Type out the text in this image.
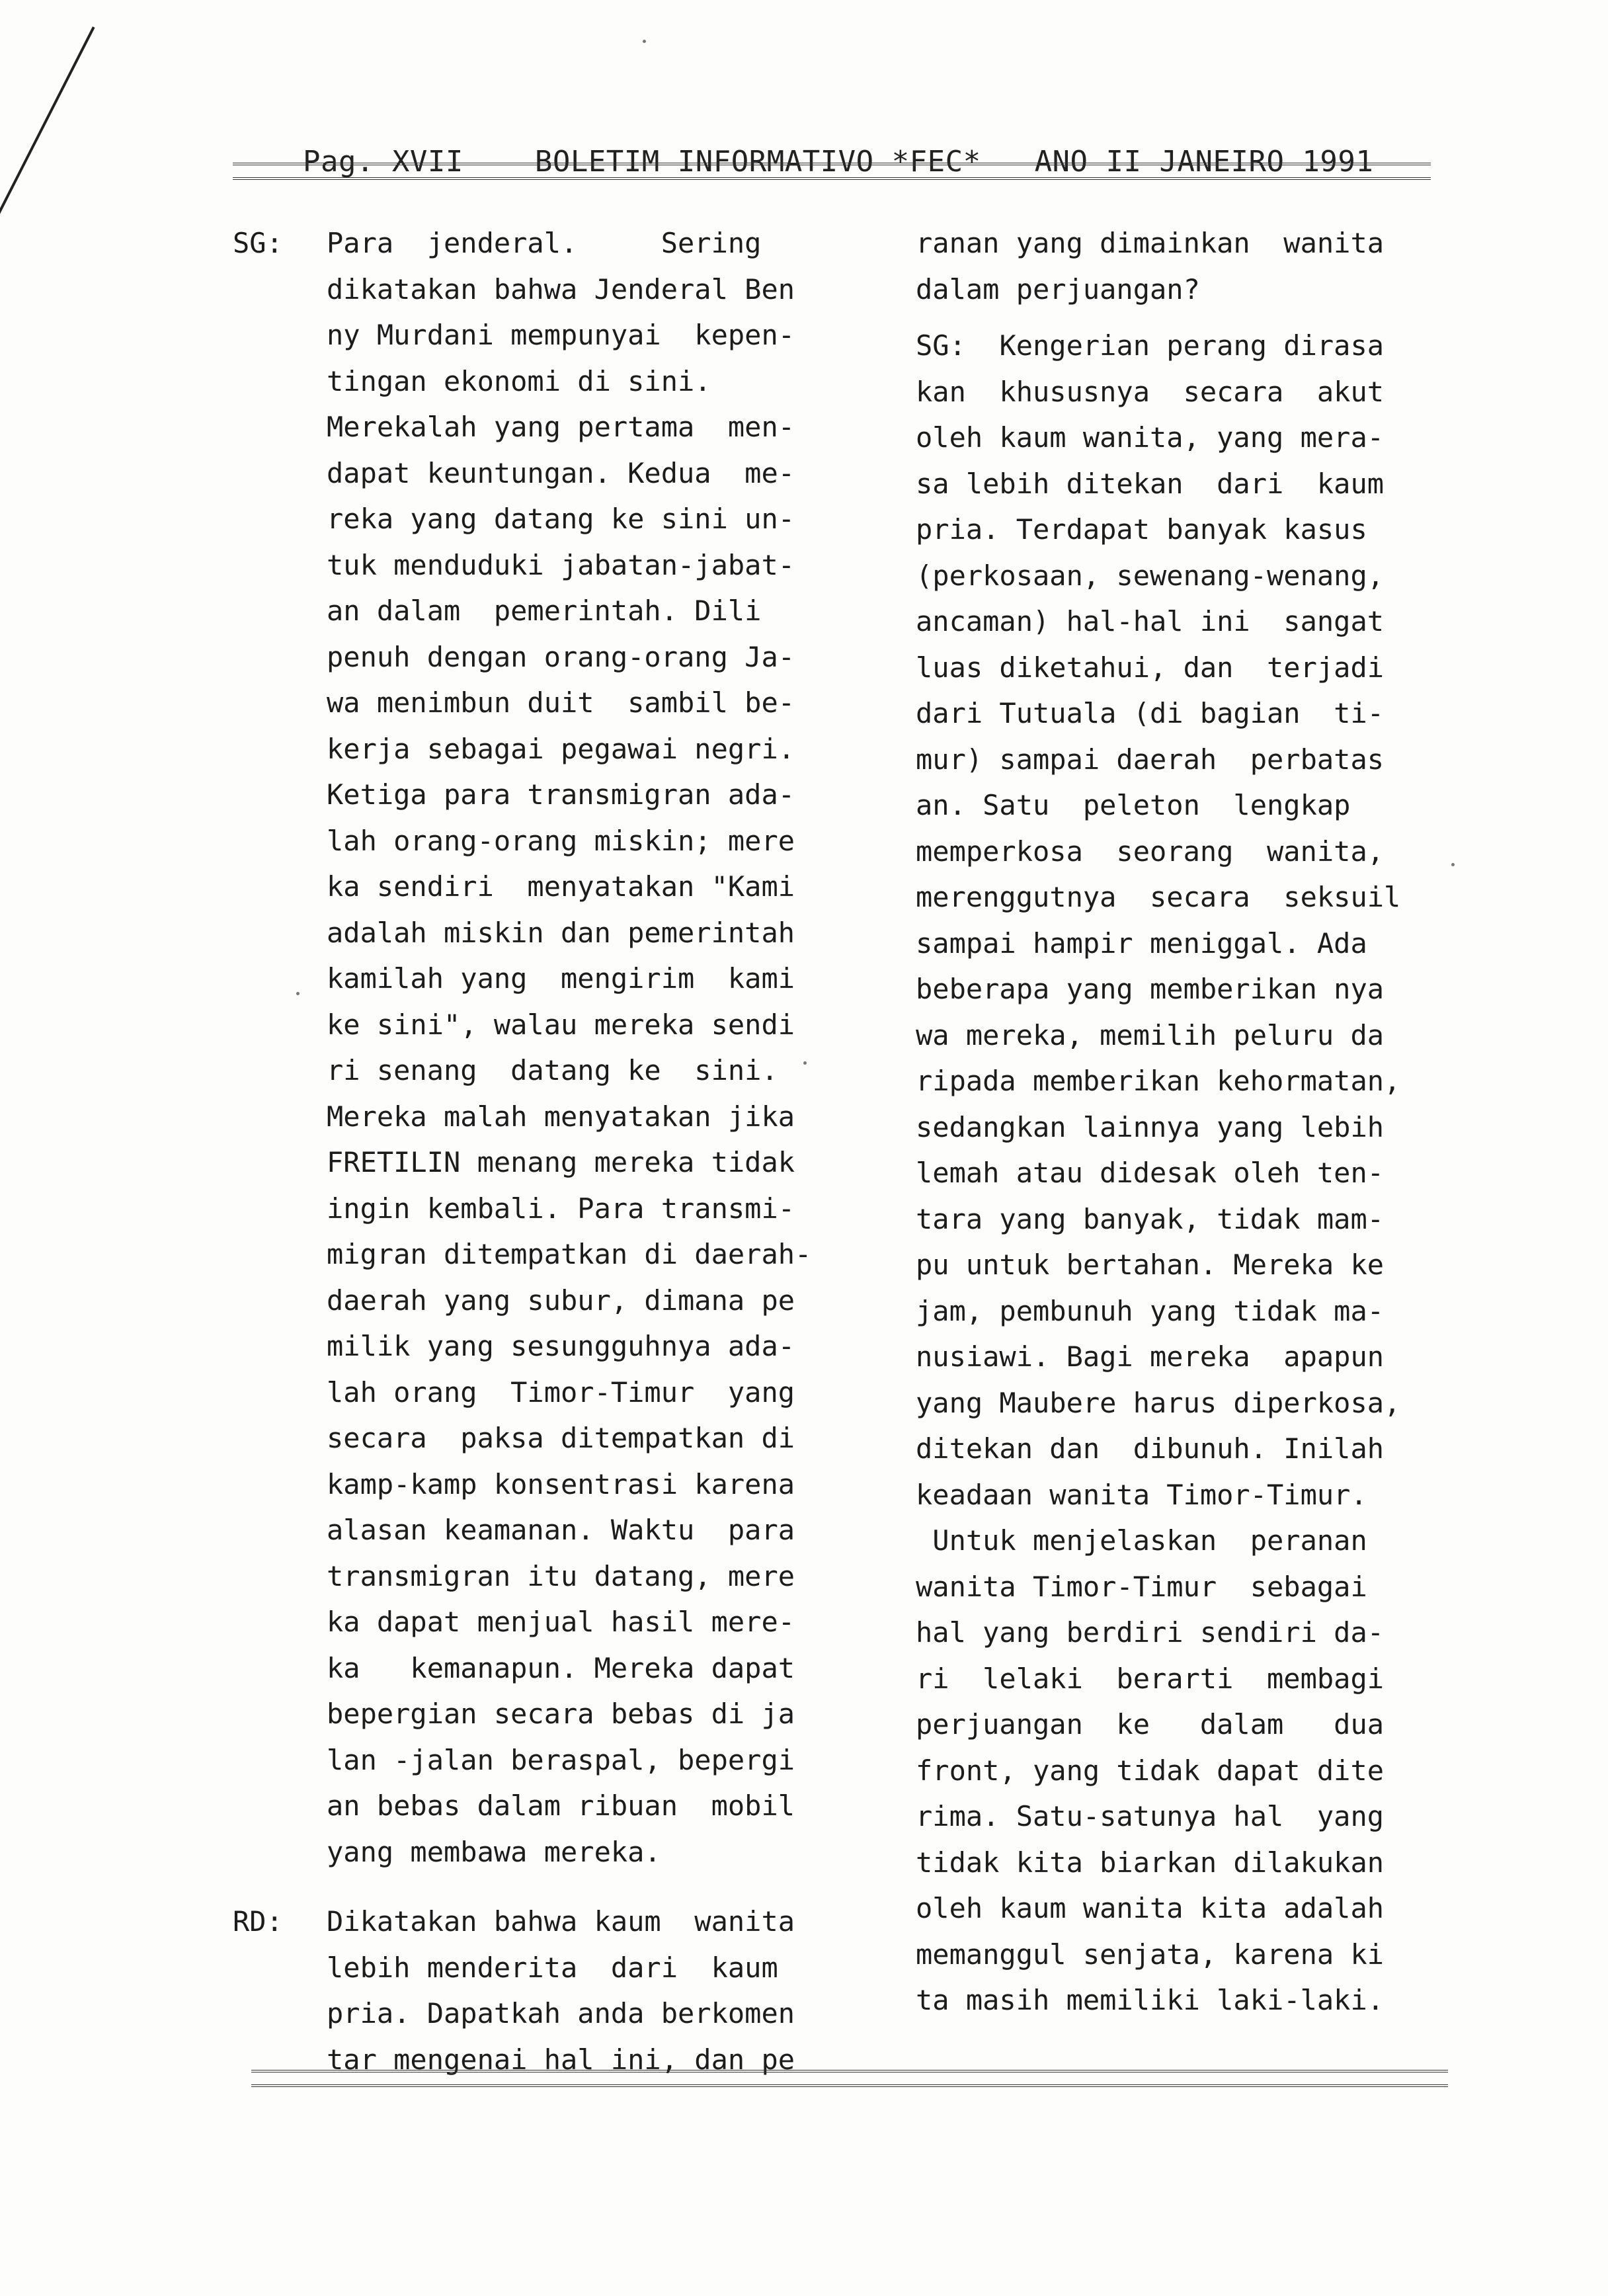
Pag. XVII    BOLETIM INFORMATIVO *FEC*   ANO II JANEIRO 1991

SG:	Para  jenderal.     Sering
dikatakan bahwa Jenderal Ben
ny Murdani mempunyai  kepen-
tingan ekonomi di sini.
Merekalah yang pertama  men-
dapat keuntungan. Kedua  me-
reka yang datang ke sini un-
tuk menduduki jabatan-jabat-
an dalam  pemerintah. Dili
penuh dengan orang-orang Ja-
wa menimbun duit  sambil be-
kerja sebagai pegawai negri.
Ketiga para transmigran ada-
lah orang-orang miskin; mere
ka sendiri  menyatakan "Kami
adalah miskin dan pemerintah
kamilah yang  mengirim  kami
ke sini", walau mereka sendi
ri senang  datang ke  sini.
Mereka malah menyatakan jika
FRETILIN menang mereka tidak
ingin kembali. Para transmi-
migran ditempatkan di daerah-
daerah yang subur, dimana pe
milik yang sesungguhnya ada-
lah orang  Timor-Timur  yang
secara  paksa ditempatkan di
kamp-kamp konsentrasi karena
alasan keamanan. Waktu  para
transmigran itu datang, mere
ka dapat menjual hasil mere-
ka   kemanapun. Mereka dapat
bepergian secara bebas di ja
lan -jalan beraspal, bepergi
an bebas dalam ribuan  mobil
yang membawa mereka.
RD:	Dikatakan bahwa kaum  wanita
lebih menderita  dari  kaum
pria. Dapatkah anda berkomen
tar mengenai hal ini, dan pe
ranan yang dimainkan  wanita
dalam perjuangan?
SG: Kengerian perang dirasa
kan  khususnya  secara  akut
oleh kaum wanita, yang mera-
sa lebih ditekan  dari  kaum
pria. Terdapat banyak kasus
(perkosaan, sewenang-wenang,
ancaman) hal-hal ini  sangat
luas diketahui, dan  terjadi
dari Tutuala (di bagian  ti-
mur) sampai daerah  perbatas
an. Satu  peleton  lengkap
memperkosa  seorang  wanita,
merenggutnya  secara  seksuil
sampai hampir meniggal. Ada
beberapa yang memberikan nya
wa mereka, memilih peluru da
ripada memberikan kehormatan,
sedangkan lainnya yang lebih
lemah atau didesak oleh ten-
tara yang banyak, tidak mam-
pu untuk bertahan. Mereka ke
jam, pembunuh yang tidak ma-
nusiawi. Bagi mereka  apapun
yang Maubere harus diperkosa,
ditekan dan  dibunuh. Inilah
keadaan wanita Timor-Timur.
Untuk menjelaskan  peranan
wanita Timor-Timur  sebagai
hal yang berdiri sendiri da-
ri  lelaki  berarti  membagi
perjuangan  ke   dalam   dua
front, yang tidak dapat dite
rima. Satu-satunya hal  yang
tidak kita biarkan dilakukan
oleh kaum wanita kita adalah
memanggul senjata, karena ki
ta masih memiliki laki-laki.
